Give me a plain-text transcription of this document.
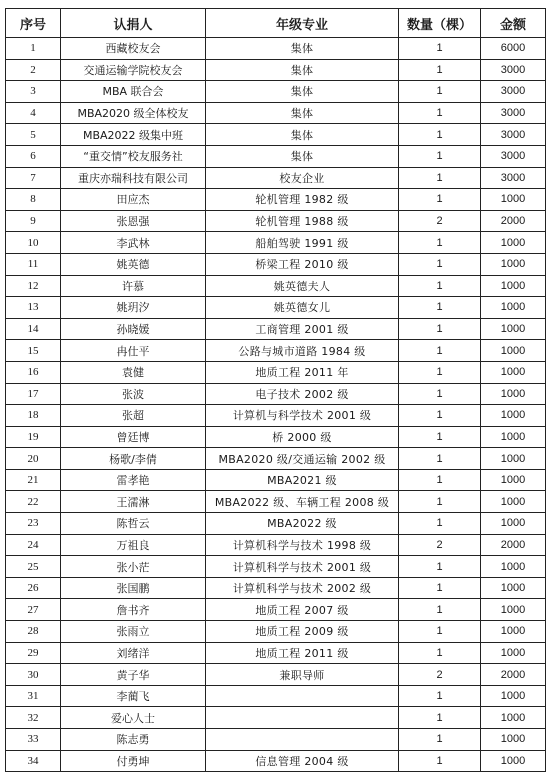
序号	认捐人	年级专业	数量（棵）	金额
1	西藏校友会	集体	1	6000
2	交通运输学院校友会	集体	1	3000
3	MBA 联合会	集体	1	3000
4	MBA2020 级全体校友	集体	1	3000
5	MBA2022 级集中班	集体	1	3000
6	“重交情”校友服务社	集体	1	3000
7	重庆亦瑞科技有限公司	校友企业	1	3000
8	田应杰	轮机管理 1982 级	1	1000
9	张恩强	轮机管理 1988 级	2	2000
10	李武林	船舶驾驶 1991 级	1	1000
11	姚英德	桥梁工程 2010 级	1	1000
12	许慕	姚英德夫人	1	1000
13	姚玥汐	姚英德女儿	1	1000
14	孙晓媛	工商管理 2001 级	1	1000
15	冉仕平	公路与城市道路 1984 级	1	1000
16	袁健	地质工程 2011 年	1	1000
17	张波	电子技术 2002 级	1	1000
18	张超	计算机与科学技术 2001 级	1	1000
19	曾廷博	桥 2000 级	1	1000
20	杨歌/李倩	MBA2020 级/交通运输 2002 级	1	1000
21	雷孝艳	MBA2021 级	1	1000
22	王濡淋	MBA2022 级、车辆工程 2008 级	1	1000
23	陈哲云	MBA2022 级	1	1000
24	万祖良	计算机科学与技术 1998 级	2	2000
25	张小茫	计算机科学与技术 2001 级	1	1000
26	张国鹏	计算机科学与技术 2002 级	1	1000
27	詹书齐	地质工程 2007 级	1	1000
28	张雨立	地质工程 2009 级	1	1000
29	刘绪洋	地质工程 2011 级	1	1000
30	黄子华	兼职导师	2	2000
31	李蔺飞		1	1000
32	爱心人士		1	1000
33	陈志勇		1	1000
34	付勇坤	信息管理 2004 级	1	1000
